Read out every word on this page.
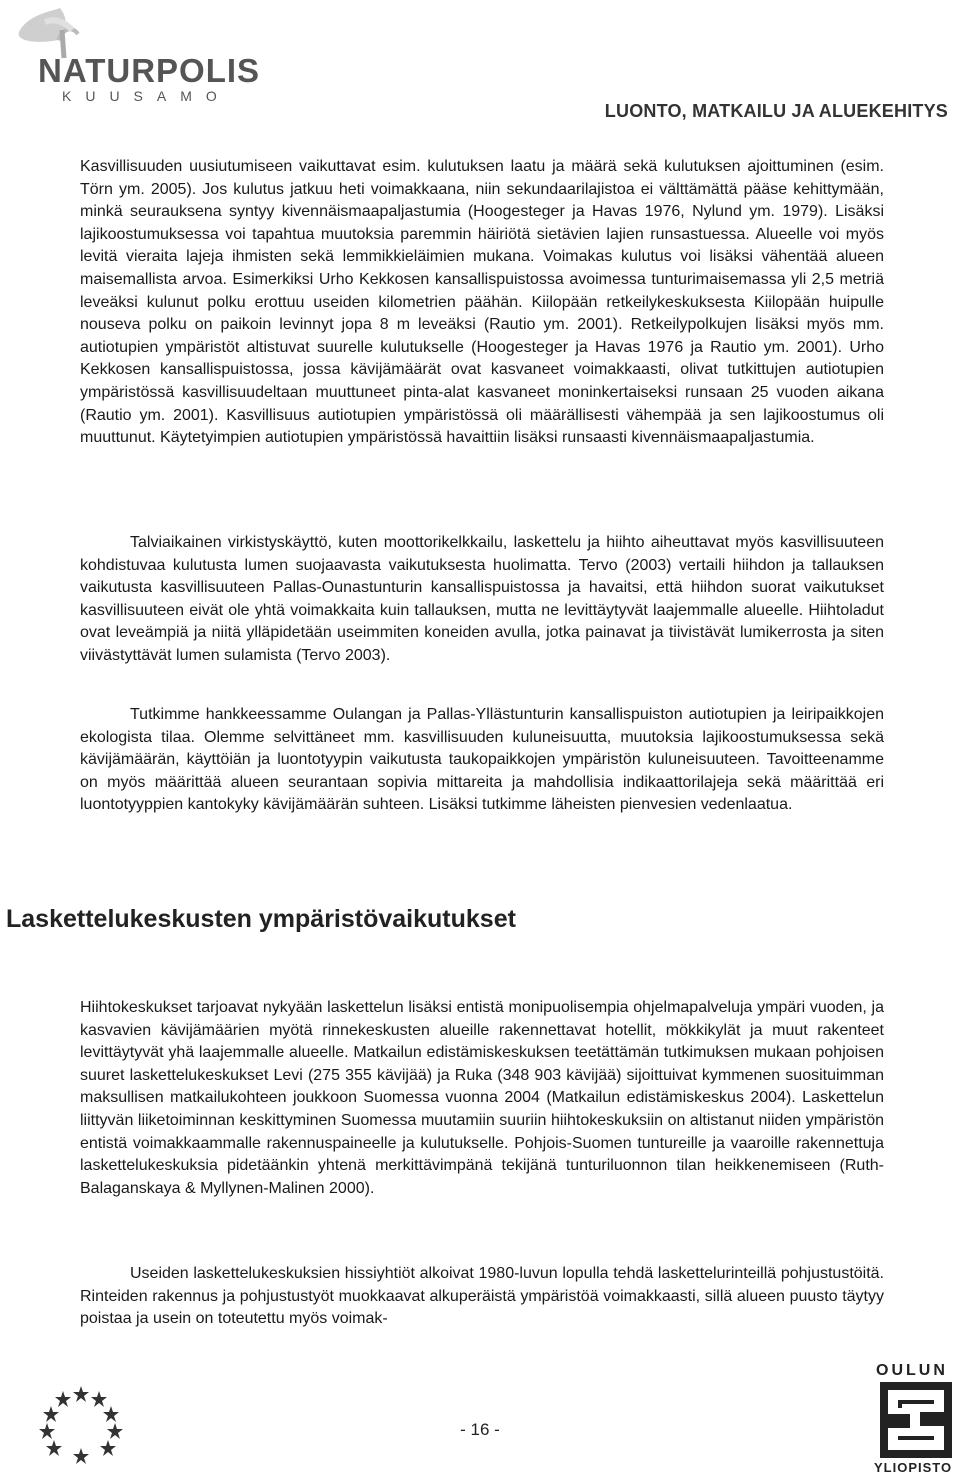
NATURPOLIS
KUUSAMO
LUONTO, MATKAILU JA ALUEKEHITYS

Kasvillisuuden uusiutumiseen vaikuttavat esim. kulutuksen laatu ja määrä sekä kulutuksen ajoittuminen (esim. Törn ym. 2005). Jos kulutus jatkuu heti voimakkaana, niin sekundaarilajistoa ei välttämättä pääse kehittymään, minkä seurauksena syntyy kivennäismaapaljastumia (Hoogesteger ja Havas 1976, Nylund ym. 1979). Lisäksi lajikoostumuksessa voi tapahtua muutoksia paremmin häiriötä sietävien lajien runsastuessa. Alueelle voi myös levitä vieraita lajeja ihmisten sekä lemmikkieläimien mukana. Voimakas kulutus voi lisäksi vähentää alueen maisemallista arvoa. Esimerkiksi Urho Kekkosen kansallispuistossa avoimessa tunturimaisemassa yli 2,5 metriä leveäksi kulunut polku erottuu useiden kilometrien päähän. Kiilopään retkeilykeskuksesta Kiilopään huipulle nouseva polku on paikoin levinnyt jopa 8 m leveäksi (Rautio ym. 2001). Retkeilypolkujen lisäksi myös mm. autiotupien ympäristöt altistuvat suurelle kulutukselle (Hoogesteger ja Havas 1976 ja Rautio ym. 2001). Urho Kekkosen kansallispuistossa, jossa kävijämäärät ovat kasvaneet voimakkaasti, olivat tutkittujen autiotupien ympäristössä kasvillisuudeltaan muuttuneet pinta-alat kasvaneet moninkertaiseksi runsaan 25 vuoden aikana (Rautio ym. 2001). Kasvillisuus autiotupien ympäristössä oli määrällisesti vähempää ja sen lajikoostumus oli muuttunut. Käytetyimpien autiotupien ympäristössä havaittiin lisäksi runsaasti kivennäismaapaljastumia.

Talviaikainen virkistyskäyttö, kuten moottorikelkkailu, laskettelu ja hiihto aiheuttavat myös kasvillisuuteen kohdistuvaa kulutusta lumen suojaavasta vaikutuksesta huolimatta. Tervo (2003) vertaili hiihdon ja tallauksen vaikutusta kasvillisuuteen Pallas-Ounastunturin kansallispuistossa ja havaitsi, että hiihdon suorat vaikutukset kasvillisuuteen eivät ole yhtä voimakkaita kuin tallauksen, mutta ne levittäytyvät laajemmalle alueelle. Hiihtoladut ovat leveämpiä ja niitä ylläpidetään useimmiten koneiden avulla, jotka painavat ja tiivistävät lumikerrosta ja siten viivästyttävät lumen sulamista (Tervo 2003).

Tutkimme hankkeessamme Oulangan ja Pallas-Yllästunturin kansallispuiston autiotupien ja leiripaikkojen ekologista tilaa. Olemme selvittäneet mm. kasvillisuuden kuluneisuutta, muutoksia lajikoostumuksessa sekä kävijämäärän, käyttöiän ja luontotyypin vaikutusta taukopaikkojen ympäristön kuluneisuuteen. Tavoitteenamme on myös määrittää alueen seurantaan sopivia mittareita ja mahdollisia indikaattorilajeja sekä määrittää eri luontotyyppien kantokyky kävijämäärän suhteen. Lisäksi tutkimme läheisten pienvesien vedenlaatua.

Laskettelukeskusten ympäristövaikutukset

Hiihtokeskukset tarjoavat nykyään laskettelun lisäksi entistä monipuolisempia ohjelmapalveluja ympäri vuoden, ja kasvavien kävijämäärien myötä rinnekeskusten alueille rakennettavat hotellit, mökkikylät ja muut rakenteet levittäytyvät yhä laajemmalle alueelle. Matkailun edistämiskeskuksen teetättämän tutkimuksen mukaan pohjoisen suuret laskettelukeskukset Levi (275 355 kävijää) ja Ruka (348 903 kävijää) sijoittuivat kymmenen suosituimman maksullisen matkailukohteen joukkoon Suomessa vuonna 2004 (Matkailun edistämiskeskus 2004). Laskettelun liittyvän liiketoiminnan keskittyminen Suomessa muutamiin suuriin hiihtokeskuksiin on altistanut niiden ympäristön entistä voimakkaammalle rakennuspaineelle ja kulutukselle. Pohjois-Suomen tuntureille ja vaaroille rakennettuja laskettelukeskuksia pidetäänkin yhtenä merkittävimpänä tekijänä tunturiluonnon tilan heikkenemiseen (Ruth-Balaganskaya & Myllynen-Malinen 2000).

Useiden laskettelukeskuksien hissiyhtiöt alkoivat 1980-luvun lopulla tehdä laskettelurinteillä pohjustustöitä. Rinteiden rakennus ja pohjustustyöt muokkaavat alkuperäistä ympäristöä voimakkaasti, sillä alueen puusto täytyy poistaa ja usein on toteutettu myös voimak-

- 16 -
OULUN
YLIOPISTO
